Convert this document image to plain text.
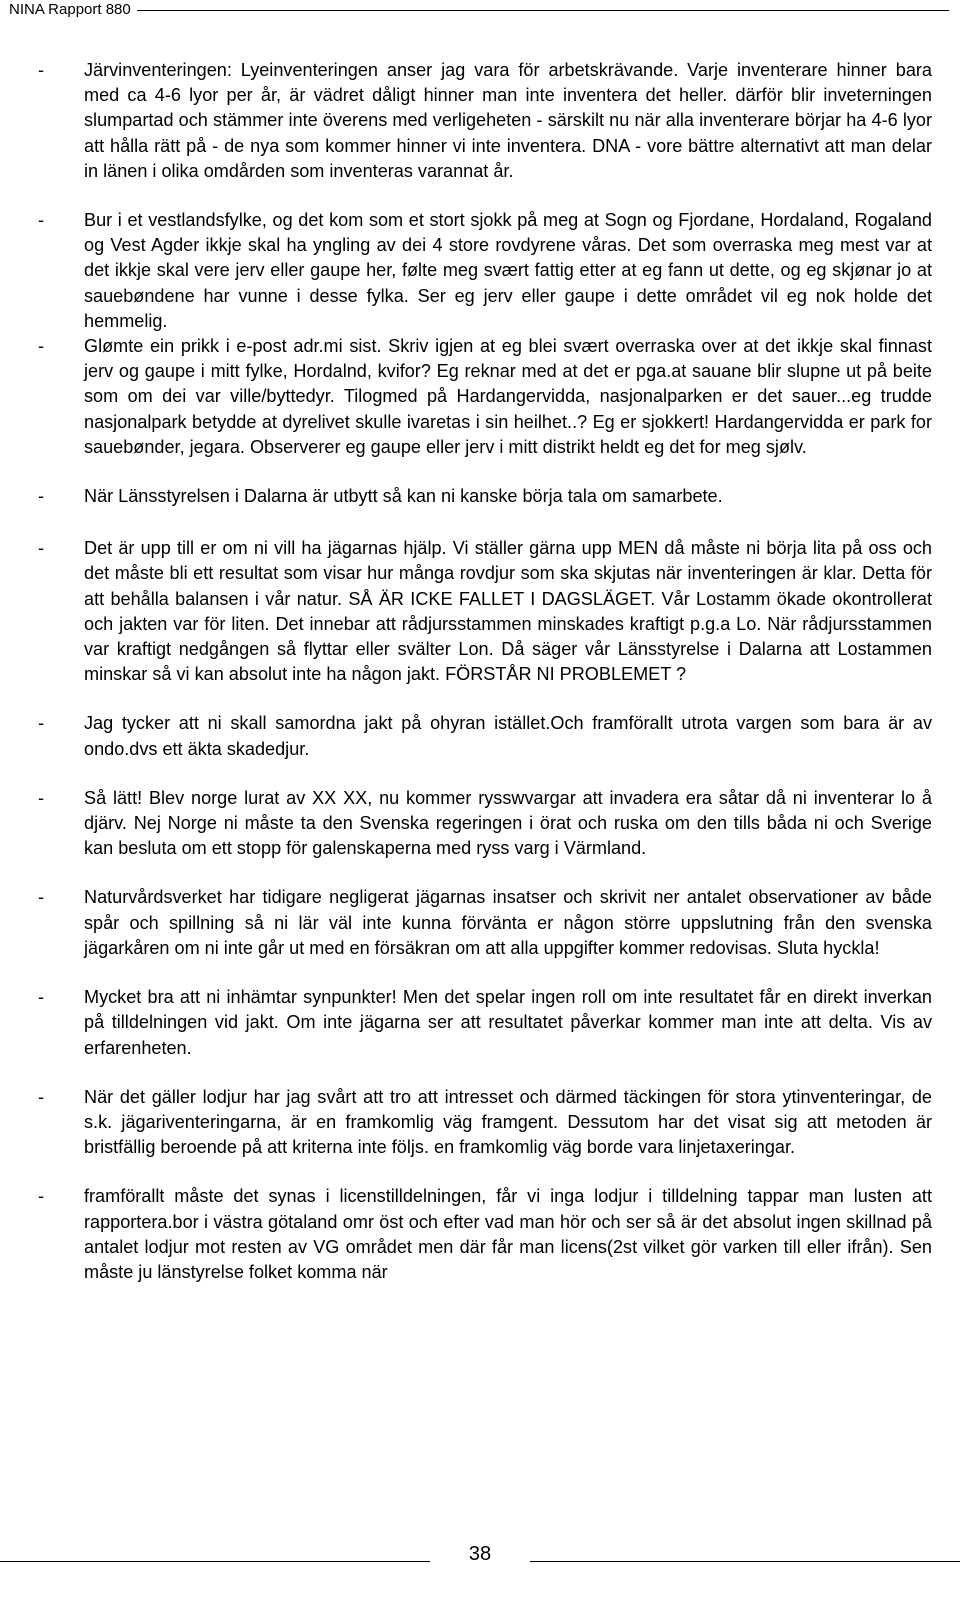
NINA Rapport 880
- Järvinventeringen: Lyeinventeringen anser jag vara för arbetskrävande. Varje inventerare hinner bara med ca 4-6 lyor per år, är vädret dåligt hinner man inte inventera det heller. därför blir inveterningen slumpartad och stämmer inte överens med verligeheten - särskilt nu när alla inventerare börjar ha 4-6 lyor att hålla rätt på - de nya som kommer hinner vi inte inventera. DNA - vore bättre alternativt att man delar in länen i olika omdården som inventeras varannat år.
- Bur i et vestlandsfylke, og det kom som et stort sjokk på meg at Sogn og Fjordane, Hordaland, Rogaland og Vest Agder ikkje skal ha yngling av dei 4 store rovdyrene våras. Det som overraska meg mest var at det ikkje skal vere jerv eller gaupe her, følte meg svært fattig etter at eg fann ut dette, og eg skjønar jo at sauebøndene har vunne i desse fylka. Ser eg jerv eller gaupe i dette området vil eg nok holde det hemmelig.
- Glømte ein prikk i e-post adr.mi sist. Skriv igjen at eg blei svært overraska over at det ikkje skal finnast jerv og gaupe i mitt fylke, Hordalnd, kvifor? Eg reknar med at det er pga.at sauane blir slupne ut på beite som om dei var ville/byttedyr. Tilogmed på Hardangervidda, nasjonalparken er det sauer...eg trudde nasjonalpark betydde at dyrelivet skulle ivaretas i sin heilhet..? Eg er sjokkert! Hardangervidda er park for sauebønder, jegara. Observerer eg gaupe eller jerv i mitt distrikt heldt eg det for meg sjølv.
- När Länsstyrelsen i Dalarna är utbytt så kan ni kanske börja tala om samarbete.
- Det är upp till er om ni vill ha jägarnas hjälp. Vi ställer gärna upp MEN då måste ni börja lita på oss och det måste bli ett resultat som visar hur många rovdjur som ska skjutas när inventeringen är klar. Detta för att behålla balansen i vår natur. SÅ ÄR ICKE FALLET I DAGSLÄGET. Vår Lostamm ökade okontrollerat och jakten var för liten. Det innebar att rådjursstammen minskades kraftigt p.g.a Lo. När rådjursstammen var kraftigt nedgången så flyttar eller svälter Lon. Då säger vår Länsstyrelse i Dalarna att Lostammen minskar så vi kan absolut inte ha någon jakt. FÖRSTÅR NI PROBLEMET ?
- Jag tycker att ni skall samordna jakt på ohyran istället.Och framförallt utrota vargen som bara är av ondo.dvs ett äkta skadedjur.
- Så lätt! Blev norge lurat av XX XX, nu kommer rysswvargar att invadera era såtar då ni inventerar lo å djärv. Nej Norge ni måste ta den Svenska regeringen i örat och ruska om den tills båda ni och Sverige kan besluta om ett stopp för galenskaperna med ryss varg i Värmland.
- Naturvårdsverket har tidigare negligerat jägarnas insatser och skrivit ner antalet observationer av både spår och spillning så ni lär väl inte kunna förvänta er någon större uppslutning från den svenska jägarkåren om ni inte går ut med en försäkran om att alla uppgifter kommer redovisas. Sluta hyckla!
- Mycket bra att ni inhämtar synpunkter! Men det spelar ingen roll om inte resultatet får en direkt inverkan på tilldelningen vid jakt. Om inte jägarna ser att resultatet påverkar kommer man inte att delta. Vis av erfarenheten.
- När det gäller lodjur har jag svårt att tro att intresset och därmed täckingen för stora ytinventeringar, de s.k. jägariventeringarna, är en framkomlig väg framgent. Dessutom har det visat sig att metoden är bristfällig beroende på att kriterna inte följs. en framkomlig väg borde vara linjetaxeringar.
- framförallt måste det synas i licenstilldelningen, får vi inga lodjur i tilldelning tappar man lusten att rapportera.bor i västra götaland omr öst och efter vad man hör och ser så är det absolut ingen skillnad på antalet lodjur mot resten av VG området men där får man licens(2st vilket gör varken till eller ifrån). Sen måste ju länstyrelse folket komma när
38
